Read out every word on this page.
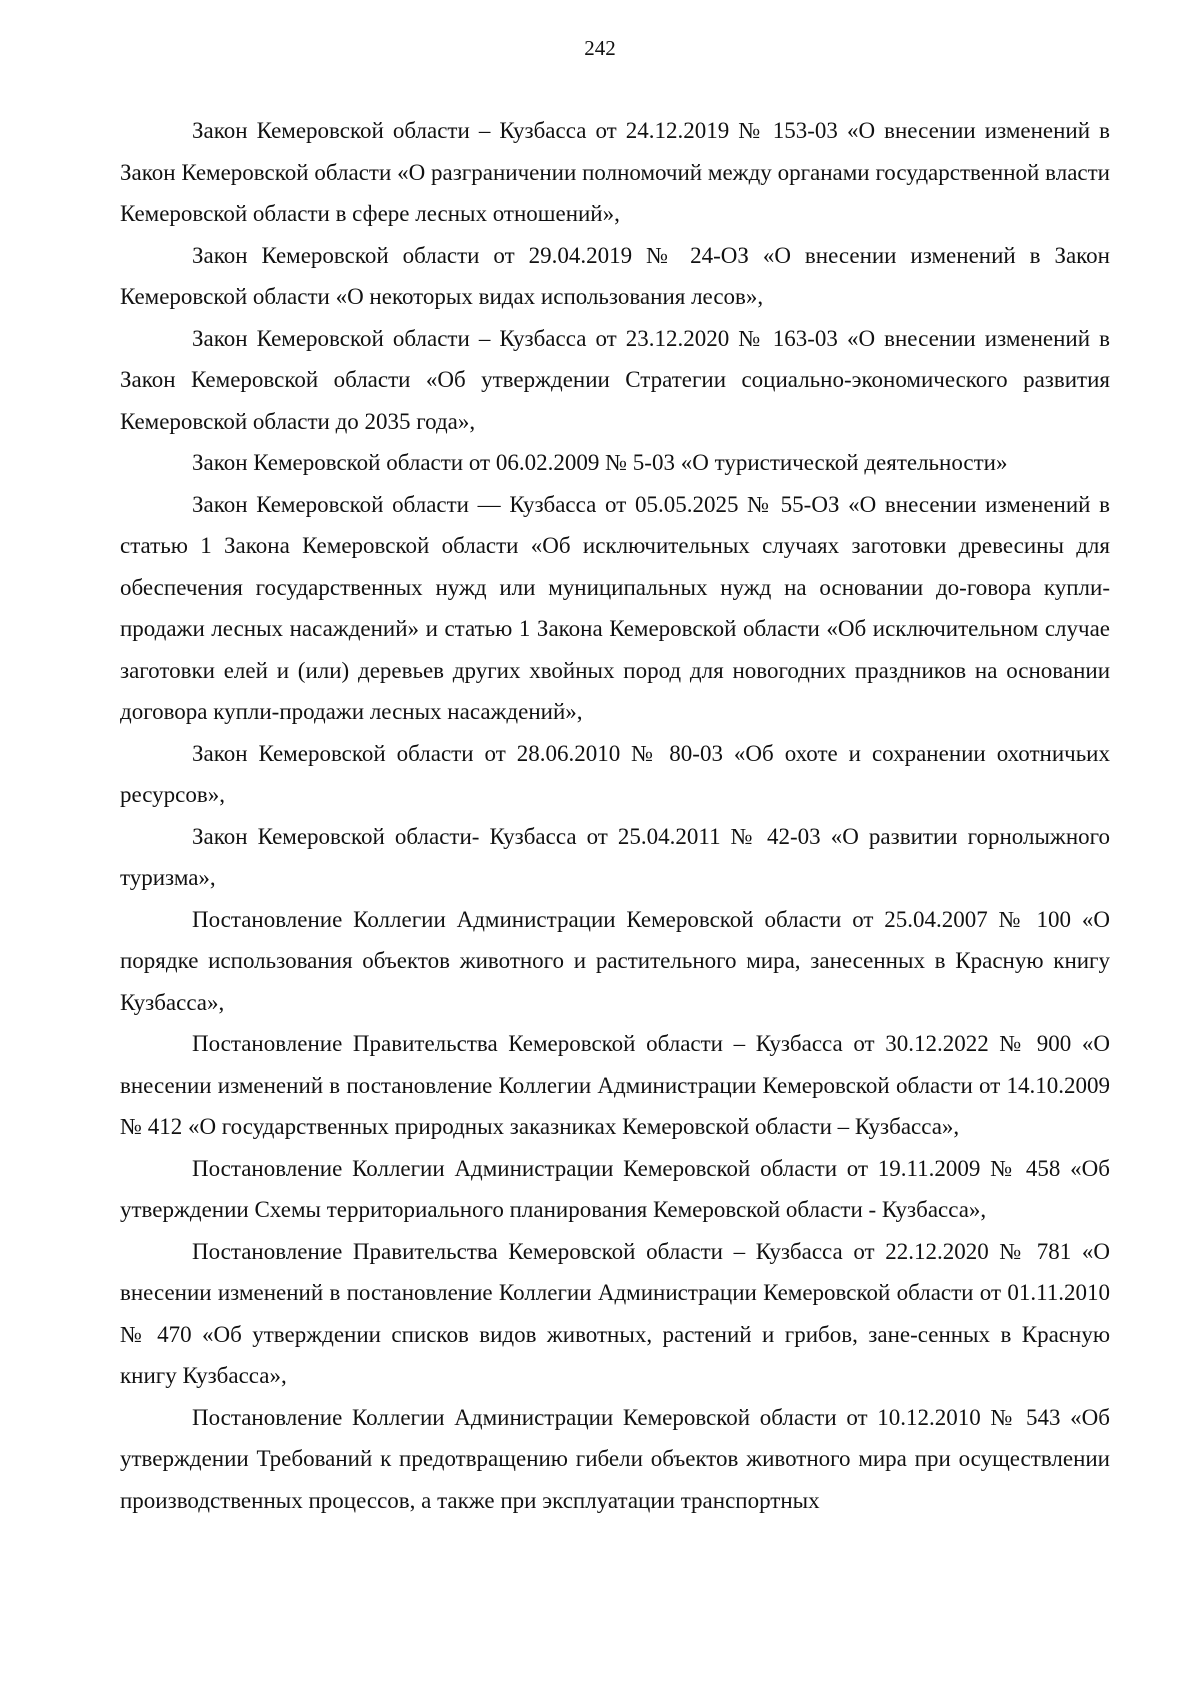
242

Закон Кемеровской области – Кузбасса от 24.12.2019 № 153-03 «О внесении изменений в Закон Кемеровской области «О разграничении полномочий между органами государственной власти Кемеровской области в сфере лесных отношений»,

Закон Кемеровской области от 29.04.2019 № 24-ОЗ «О внесении изменений в Закон Кемеровской области «О некоторых видах использования лесов»,

Закон Кемеровской области – Кузбасса от 23.12.2020 № 163-03 «О внесении изменений в Закон Кемеровской области «Об утверждении Стратегии социально-экономического развития Кемеровской области до 2035 года»,

Закон Кемеровской области от 06.02.2009 № 5-03 «О туристической деятельности»

Закон Кемеровской области — Кузбасса от 05.05.2025 № 55-ОЗ «О внесении изменений в статью 1 Закона Кемеровской области «Об исключительных случаях заготовки древесины для обеспечения государственных нужд или муниципальных нужд на основании до-говора купли-продажи лесных насаждений» и статью 1 Закона Кемеровской области «Об исключительном случае заготовки елей и (или) деревьев других хвойных пород для новогодних праздников на основании договора купли-продажи лесных насаждений»,

Закон Кемеровской области от 28.06.2010 № 80-03 «Об охоте и сохранении охотничьих ресурсов»,

Закон Кемеровской области- Кузбасса от 25.04.2011 № 42-03 «О развитии горнолыжного туризма»,

Постановление Коллегии Администрации Кемеровской области от 25.04.2007 № 100 «О порядке использования объектов животного и растительного мира, занесенных в Красную книгу Кузбасса»,

Постановление Правительства Кемеровской области – Кузбасса от 30.12.2022 № 900 «О внесении изменений в постановление Коллегии Администрации Кемеровской области от 14.10.2009 № 412 «О государственных природных заказниках Кемеровской области – Кузбасса»,

Постановление Коллегии Администрации Кемеровской области от 19.11.2009 № 458 «Об утверждении Схемы территориального планирования Кемеровской области - Кузбасса»,

Постановление Правительства Кемеровской области – Кузбасса от 22.12.2020 № 781 «О внесении изменений в постановление Коллегии Администрации Кемеровской области от 01.11.2010 № 470 «Об утверждении списков видов животных, растений и грибов, зане-сенных в Красную книгу Кузбасса»,

Постановление Коллегии Администрации Кемеровской области от 10.12.2010 № 543 «Об утверждении Требований к предотвращению гибели объектов животного мира при осуществлении производственных процессов, а также при эксплуатации транспортных
